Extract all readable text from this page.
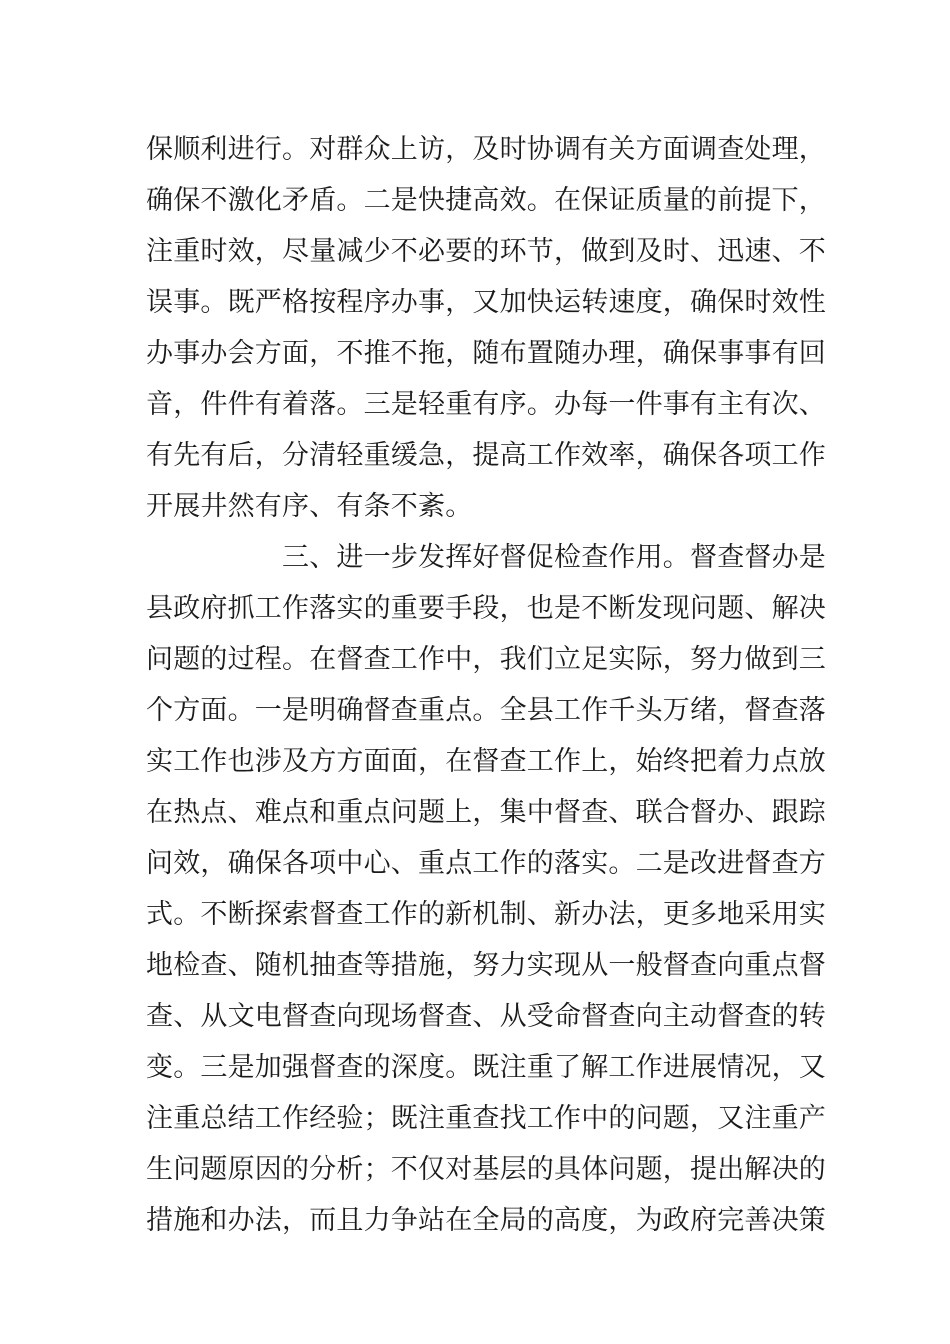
保顺利进行。对群众上访，及时协调有关方面调查处理，
确保不激化矛盾。二是快捷高效。在保证质量的前提下，
注重时效，尽量减少不必要的环节，做到及时、迅速、不
误事。既严格按程序办事，又加快运转速度，确保时效性
办事办会方面，不推不拖，随布置随办理，确保事事有回
音，件件有着落。三是轻重有序。办每一件事有主有次、
有先有后，分清轻重缓急，提高工作效率，确保各项工作
开展井然有序、有条不紊。
三、进一步发挥好督促检查作用。督查督办是
县政府抓工作落实的重要手段，也是不断发现问题、解决
问题的过程。在督查工作中，我们立足实际，努力做到三
个方面。一是明确督查重点。全县工作千头万绪，督查落
实工作也涉及方方面面，在督查工作上，始终把着力点放
在热点、难点和重点问题上，集中督查、联合督办、跟踪
问效，确保各项中心、重点工作的落实。二是改进督查方
式。不断探索督查工作的新机制、新办法，更多地采用实
地检查、随机抽查等措施，努力实现从一般督查向重点督
查、从文电督查向现场督查、从受命督查向主动督查的转
变。三是加强督查的深度。既注重了解工作进展情况，又
注重总结工作经验；既注重查找工作中的问题，又注重产
生问题原因的分析；不仅对基层的具体问题，提出解决的
措施和办法，而且力争站在全局的高度，为政府完善决策
